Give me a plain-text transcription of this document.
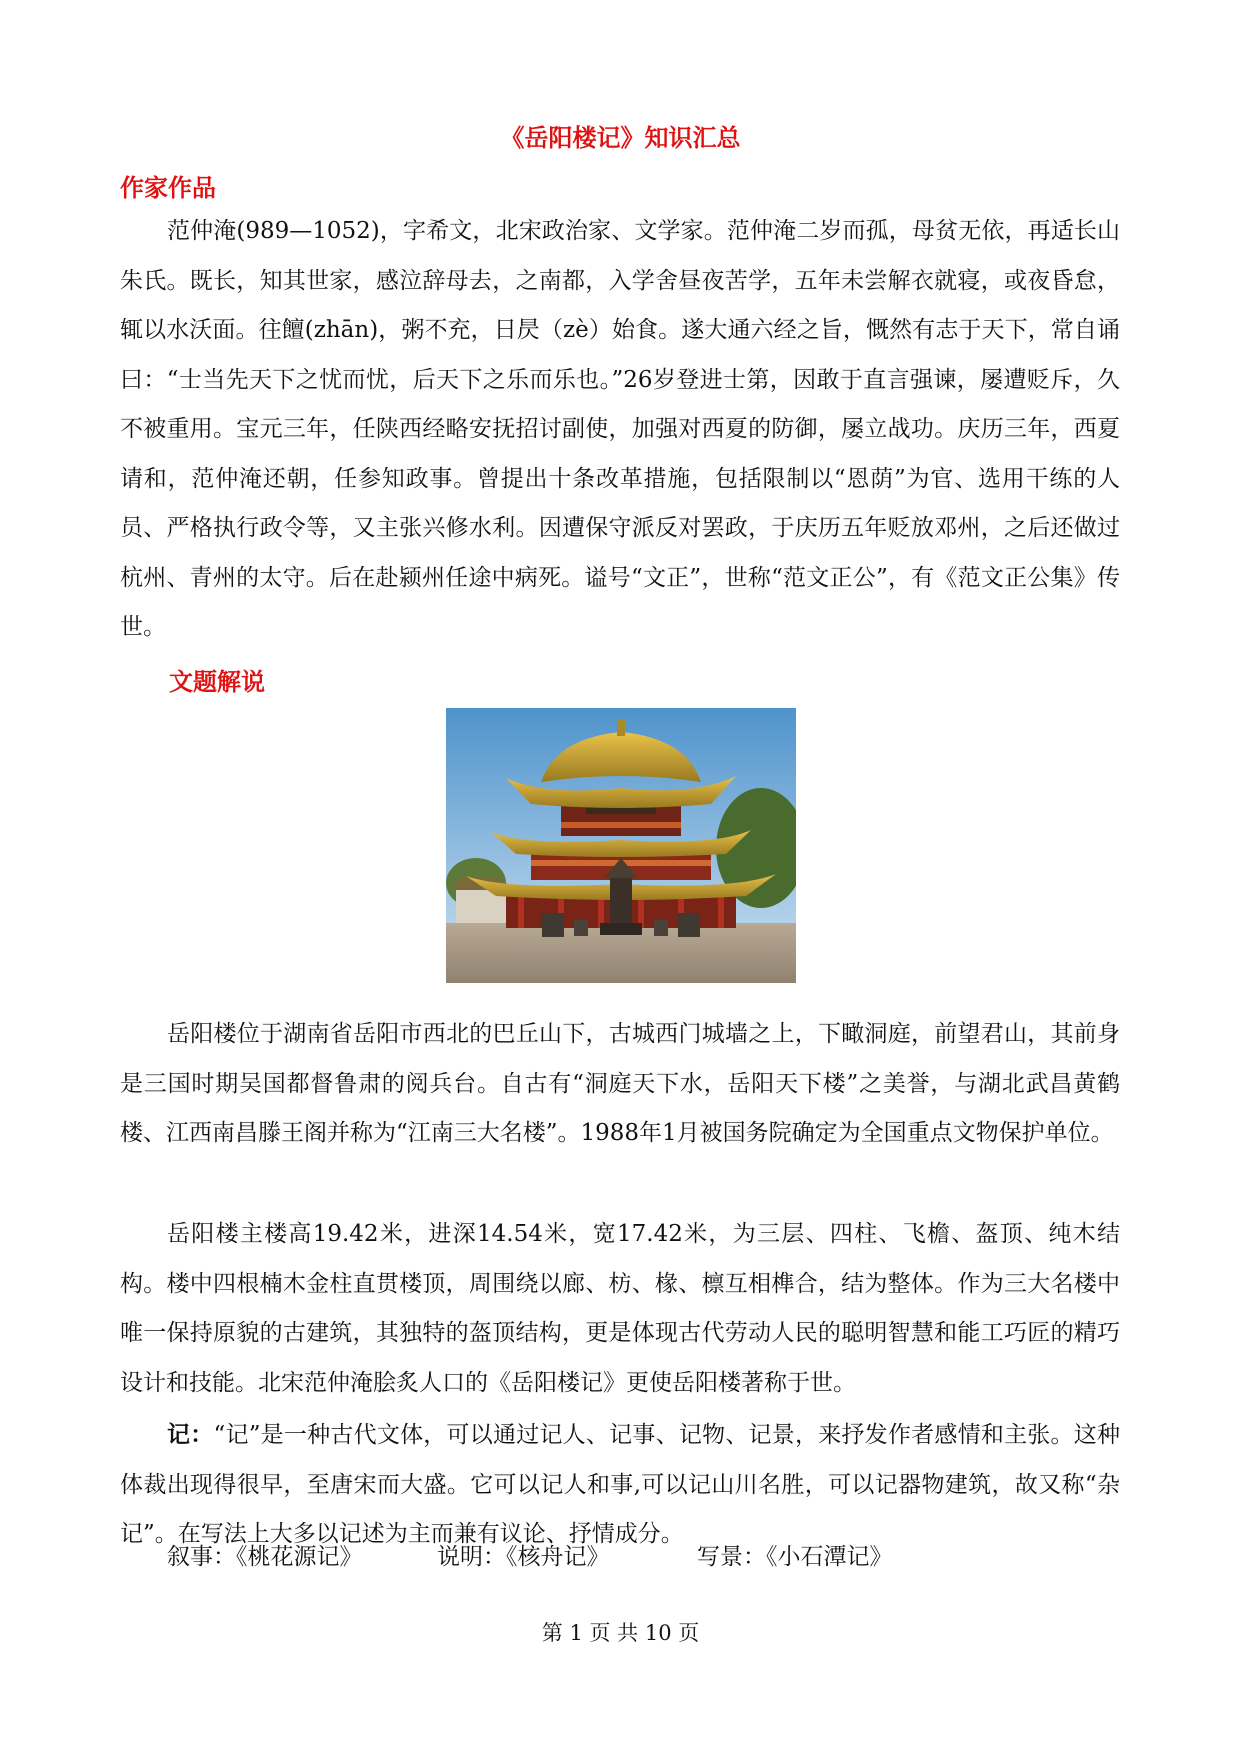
《岳阳楼记》知识汇总
作家作品

范仲淹(989—1052)，字希文，北宋政治家、文学家。范仲淹二岁而孤，母贫无依，再适长山朱氏。既长，知其世家，感泣辞母去，之南都，入学舍昼夜苦学，五年未尝解衣就寝，或夜昏怠，辄以水沃面。往饘(zhān)，粥不充，日昃（zè）始食。遂大通六经之旨，慨然有志于天下，常自诵曰：“士当先天下之忧而忧，后天下之乐而乐也。”26岁登进士第，因敢于直言强谏，屡遭贬斥，久不被重用。宝元三年，任陕西经略安抚招讨副使，加强对西夏的防御，屡立战功。庆历三年，西夏请和，范仲淹还朝，任参知政事。曾提出十条改革措施，包括限制以“恩荫”为官、选用干练的人员、严格执行政令等，又主张兴修水利。因遭保守派反对罢政，于庆历五年贬放邓州，之后还做过杭州、青州的太守。后在赴颍州任途中病死。谥号“文正”，世称“范文正公”，有《范文正公集》传世。

文题解说

岳阳楼位于湖南省岳阳市西北的巴丘山下，古城西门城墙之上，下瞰洞庭，前望君山，其前身是三国时期吴国都督鲁肃的阅兵台。自古有“洞庭天下水，岳阳天下楼”之美誉，与湖北武昌黄鹤楼、江西南昌滕王阁并称为“江南三大名楼”。1988年1月被国务院确定为全国重点文物保护单位。

岳阳楼主楼高19.42米，进深14.54米，宽17.42米，为三层、四柱、飞檐、盔顶、纯木结构。楼中四根楠木金柱直贯楼顶，周围绕以廊、枋、椽、檩互相榫合，结为整体。作为三大名楼中唯一保持原貌的古建筑，其独特的盔顶结构，更是体现古代劳动人民的聪明智慧和能工巧匠的精巧设计和技能。北宋范仲淹脍炙人口的《岳阳楼记》更使岳阳楼著称于世。

记：“记”是一种古代文体，可以通过记人、记事、记物、记景，来抒发作者感情和主张。这种体裁出现得很早，至唐宋而大盛。它可以记人和事,可以记山川名胜，可以记器物建筑，故又称“杂记”。在写法上大多以记述为主而兼有议论、抒情成分。

叙事：《桃花源记》	说明：《核舟记》	写景：《小石潭记》
第 1 页 共 10 页
